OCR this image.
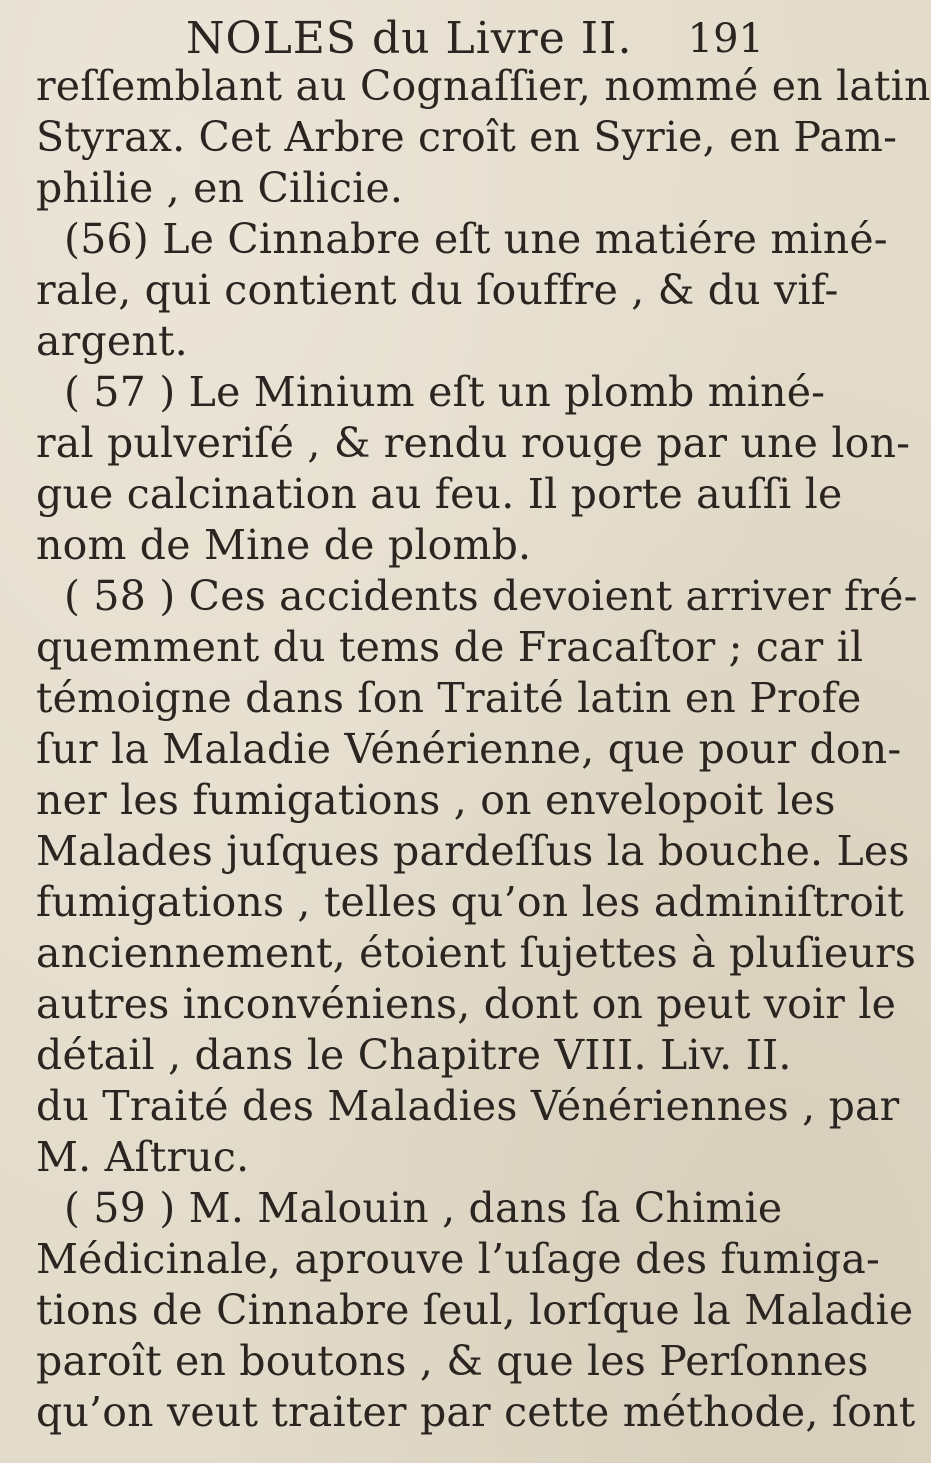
NOLES du Livre II. 191
reſſemblant au Cognaſſier, nommé en latin
Styrax. Cet Arbre croît en Syrie, en Pam-
philie , en Cilicie.
(56) Le Cinnabre eſt une matiére miné-
rale, qui contient du ſouffre , & du vif-
argent.
( 57 ) Le Minium eſt un plomb miné-
ral pulveriſé , & rendu rouge par une lon-
gue calcination au feu. Il porte auſſi le
nom de Mine de plomb.
( 58 ) Ces accidents devoient arriver fré-
quemment du tems de Fracaſtor ; car il
témoigne dans ſon Traité latin en Profe
ſur la Maladie Vénérienne, que pour don-
ner les fumigations , on envelopoit les
Malades juſques pardeſſus la bouche. Les
fumigations , telles qu’on les adminiſtroit
anciennement, étoient ſujettes à pluſieurs
autres inconvéniens, dont on peut voir le
détail , dans le Chapitre VIII. Liv. II.
du Traité des Maladies Vénériennes , par
M. Aſtruc.
( 59 ) M. Malouin , dans ſa Chimie
Médicinale, aprouve l’uſage des fumiga-
tions de Cinnabre ſeul, lorſque la Maladie
paroît en boutons , & que les Perſonnes
qu’on veut traiter par cette méthode, ſont
